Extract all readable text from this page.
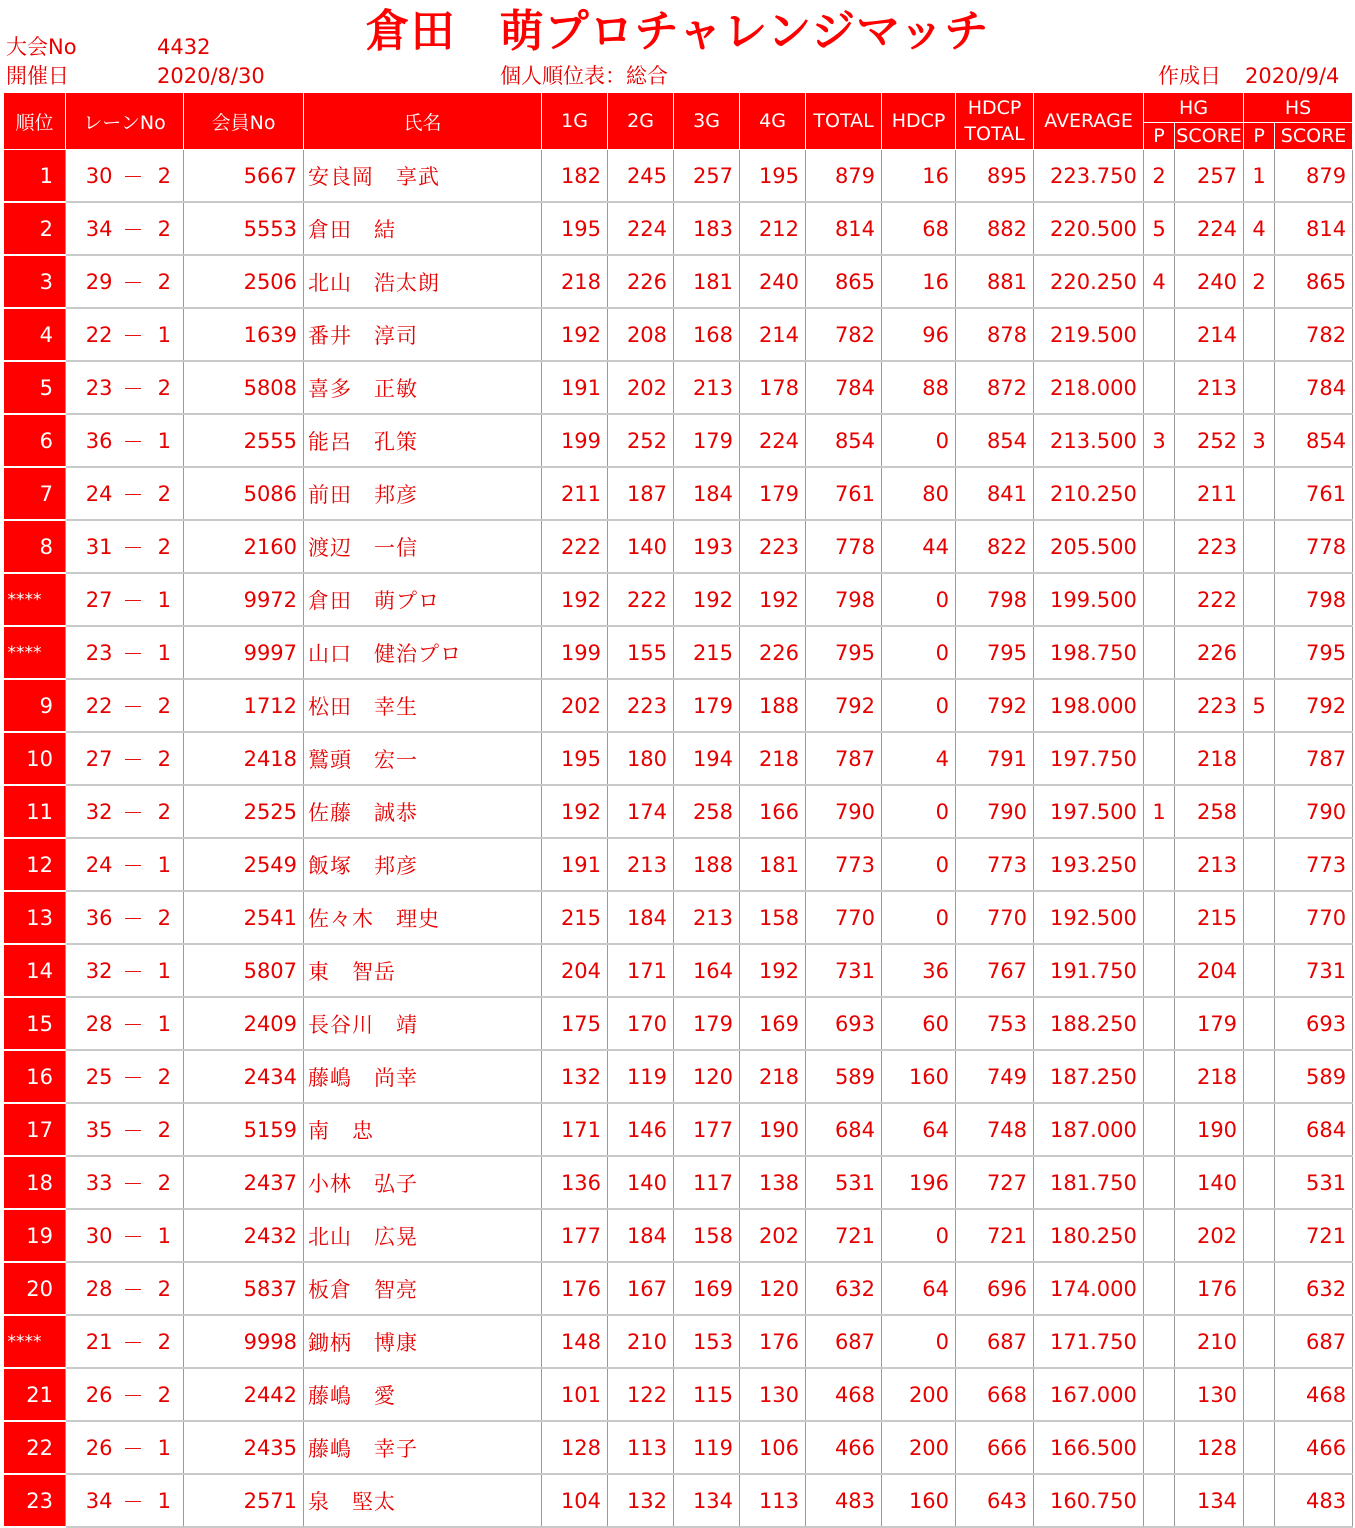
大会No	4432
開催日	2020/8/30
倉田 萌プロチャレンジマッチ
個人順位表：総合	作成日 2020/9/4
順位	レーンNo			会員No	氏名	1G	2G	3G	4G	TOTAL	HDCP	HDCP
TOTAL	AVERAGE	HG		HS	
														P	SCORE	P	SCORE
1	30	－	2	5667	安良岡　享武	182	245	257	195	879	16	895	223.750	2	257	1	879
2	34	－	2	5553	倉田　結	195	224	183	212	814	68	882	220.500	5	224	4	814
3	29	－	2	2506	北山　浩太朗	218	226	181	240	865	16	881	220.250	4	240	2	865
4	22	－	1	1639	番井　淳司	192	208	168	214	782	96	878	219.500		214		782
5	23	－	2	5808	喜多　正敏	191	202	213	178	784	88	872	218.000		213		784
6	36	－	1	2555	能呂　孔策	199	252	179	224	854	0	854	213.500	3	252	3	854
7	24	－	2	5086	前田　邦彦	211	187	184	179	761	80	841	210.250		211		761
8	31	－	2	2160	渡辺　一信	222	140	193	223	778	44	822	205.500		223		778
****	27	－	1	9972	倉田　萌プロ	192	222	192	192	798	0	798	199.500		222		798
****	23	－	1	9997	山口　健治プロ	199	155	215	226	795	0	795	198.750		226		795
9	22	－	2	1712	松田　幸生	202	223	179	188	792	0	792	198.000		223	5	792
10	27	－	2	2418	鷲頭　宏一	195	180	194	218	787	4	791	197.750		218		787
11	32	－	2	2525	佐藤　誠恭	192	174	258	166	790	0	790	197.500	1	258		790
12	24	－	1	2549	飯塚　邦彦	191	213	188	181	773	0	773	193.250		213		773
13	36	－	2	2541	佐々木　理史	215	184	213	158	770	0	770	192.500		215		770
14	32	－	1	5807	東　智岳	204	171	164	192	731	36	767	191.750		204		731
15	28	－	1	2409	長谷川　靖	175	170	179	169	693	60	753	188.250		179		693
16	25	－	2	2434	藤嶋　尚幸	132	119	120	218	589	160	749	187.250		218		589
17	35	－	2	5159	南　忠	171	146	177	190	684	64	748	187.000		190		684
18	33	－	2	2437	小林　弘子	136	140	117	138	531	196	727	181.750		140		531
19	30	－	1	2432	北山　広晃	177	184	158	202	721	0	721	180.250		202		721
20	28	－	2	5837	板倉　智亮	176	167	169	120	632	64	696	174.000		176		632
****	21	－	2	9998	鋤柄　博康	148	210	153	176	687	0	687	171.750		210		687
21	26	－	2	2442	藤嶋　愛	101	122	115	130	468	200	668	167.000		130		468
22	26	－	1	2435	藤嶋　幸子	128	113	119	106	466	200	666	166.500		128		466
23	34	－	1	2571	泉　堅太	104	132	134	113	483	160	643	160.750		134		483
